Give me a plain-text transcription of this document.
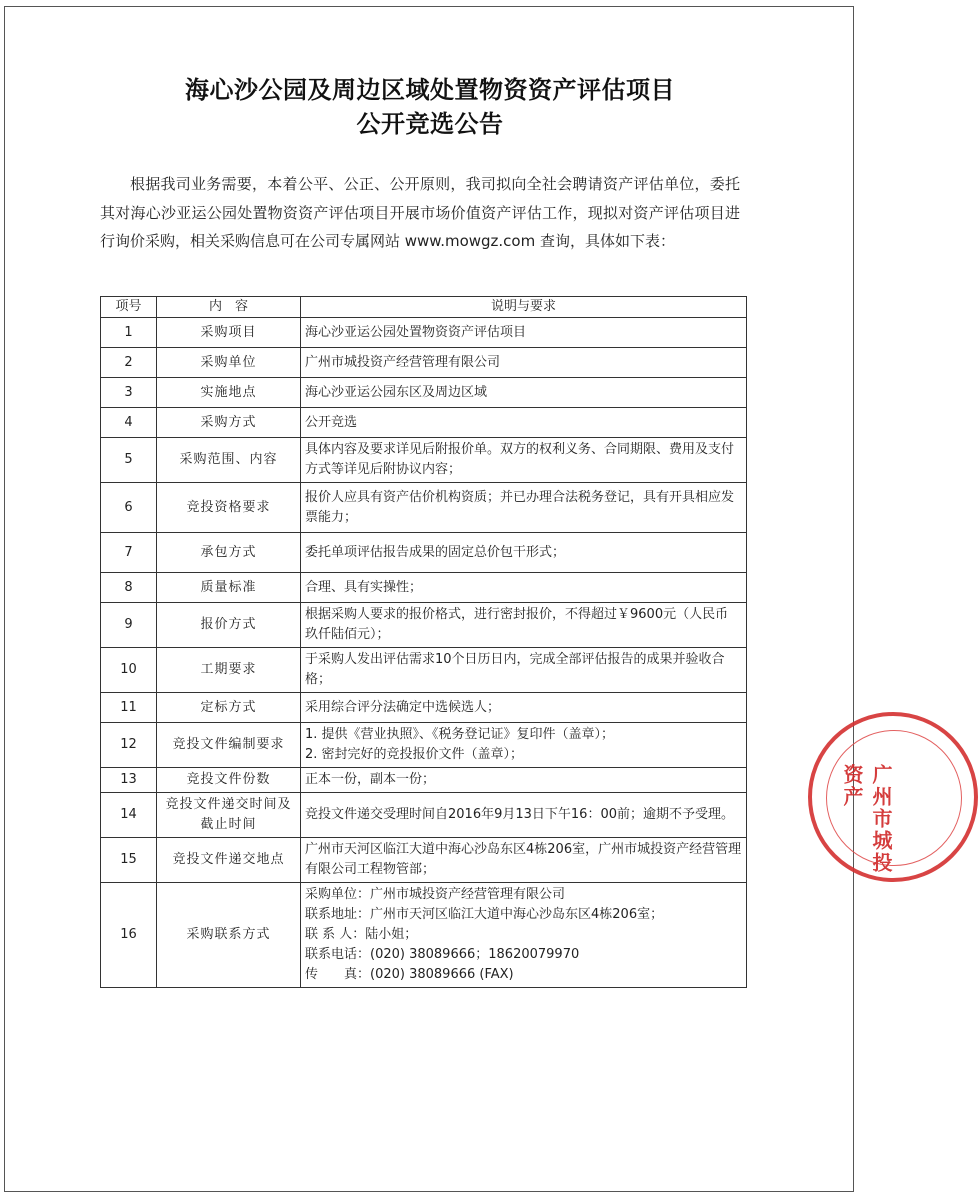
海心沙公园及周边区域处置物资资产评估项目
公开竞选公告

根据我司业务需要，本着公平、公正、公开原则，我司拟向全社会聘请资产评估单位，委托其对海心沙亚运公园处置物资资产评估项目开展市场价值资产评估工作，现拟对资产评估项目进行询价采购，相关采购信息可在公司专属网站 www.mowgz.com 查询，具体如下表：

项号	内　容	说明与要求
1	采购项目	海心沙亚运公园处置物资资产评估项目

2	采购单位	广州市城投资产经营管理有限公司

3	实施地点	海心沙亚运公园东区及周边区域

4	采购方式	公开竞选

5	采购范围、内容	具体内容及要求详见后附报价单。双方的权利义务、合同期限、费用及支付方式等详见后附协议内容；

6	竞投资格要求	报价人应具有资产估价机构资质；并已办理合法税务登记，具有开具相应发票能力；

7	承包方式	委托单项评估报告成果的固定总价包干形式；

8	质量标准	合理、具有实操性；

9	报价方式	根据采购人要求的报价格式，进行密封报价，不得超过￥9600元（人民币 玖仟陆佰元）；

10	工期要求	于采购人发出评估需求10个日历日内，完成全部评估报告的成果并验收合格；

11	定标方式	采用综合评分法确定中选候选人；

12	竞投文件编制要求	1. 提供《营业执照》、《税务登记证》复印件（盖章）；
2. 密封完好的竞投报价文件（盖章）；

13	竞投文件份数	正本一份，副本一份；

14	竞投文件递交时间及截止时间	竞投文件递交受理时间自2016年9月13日下午16：00前；逾期不予受理。

15	竞投文件递交地点	广州市天河区临江大道中海心沙岛东区4栋206室，广州市城投资产经营管理有限公司工程物管部；

16	采购联系方式	采购单位：广州市城投资产经营管理有限公司
联系地址：广州市天河区临江大道中海心沙岛东区4栋206室；
联 系 人：陆小姐；
联系电话：(020) 38089666；18620079970
传　　真：(020) 38089666 (FAX)
广州市城投资产
